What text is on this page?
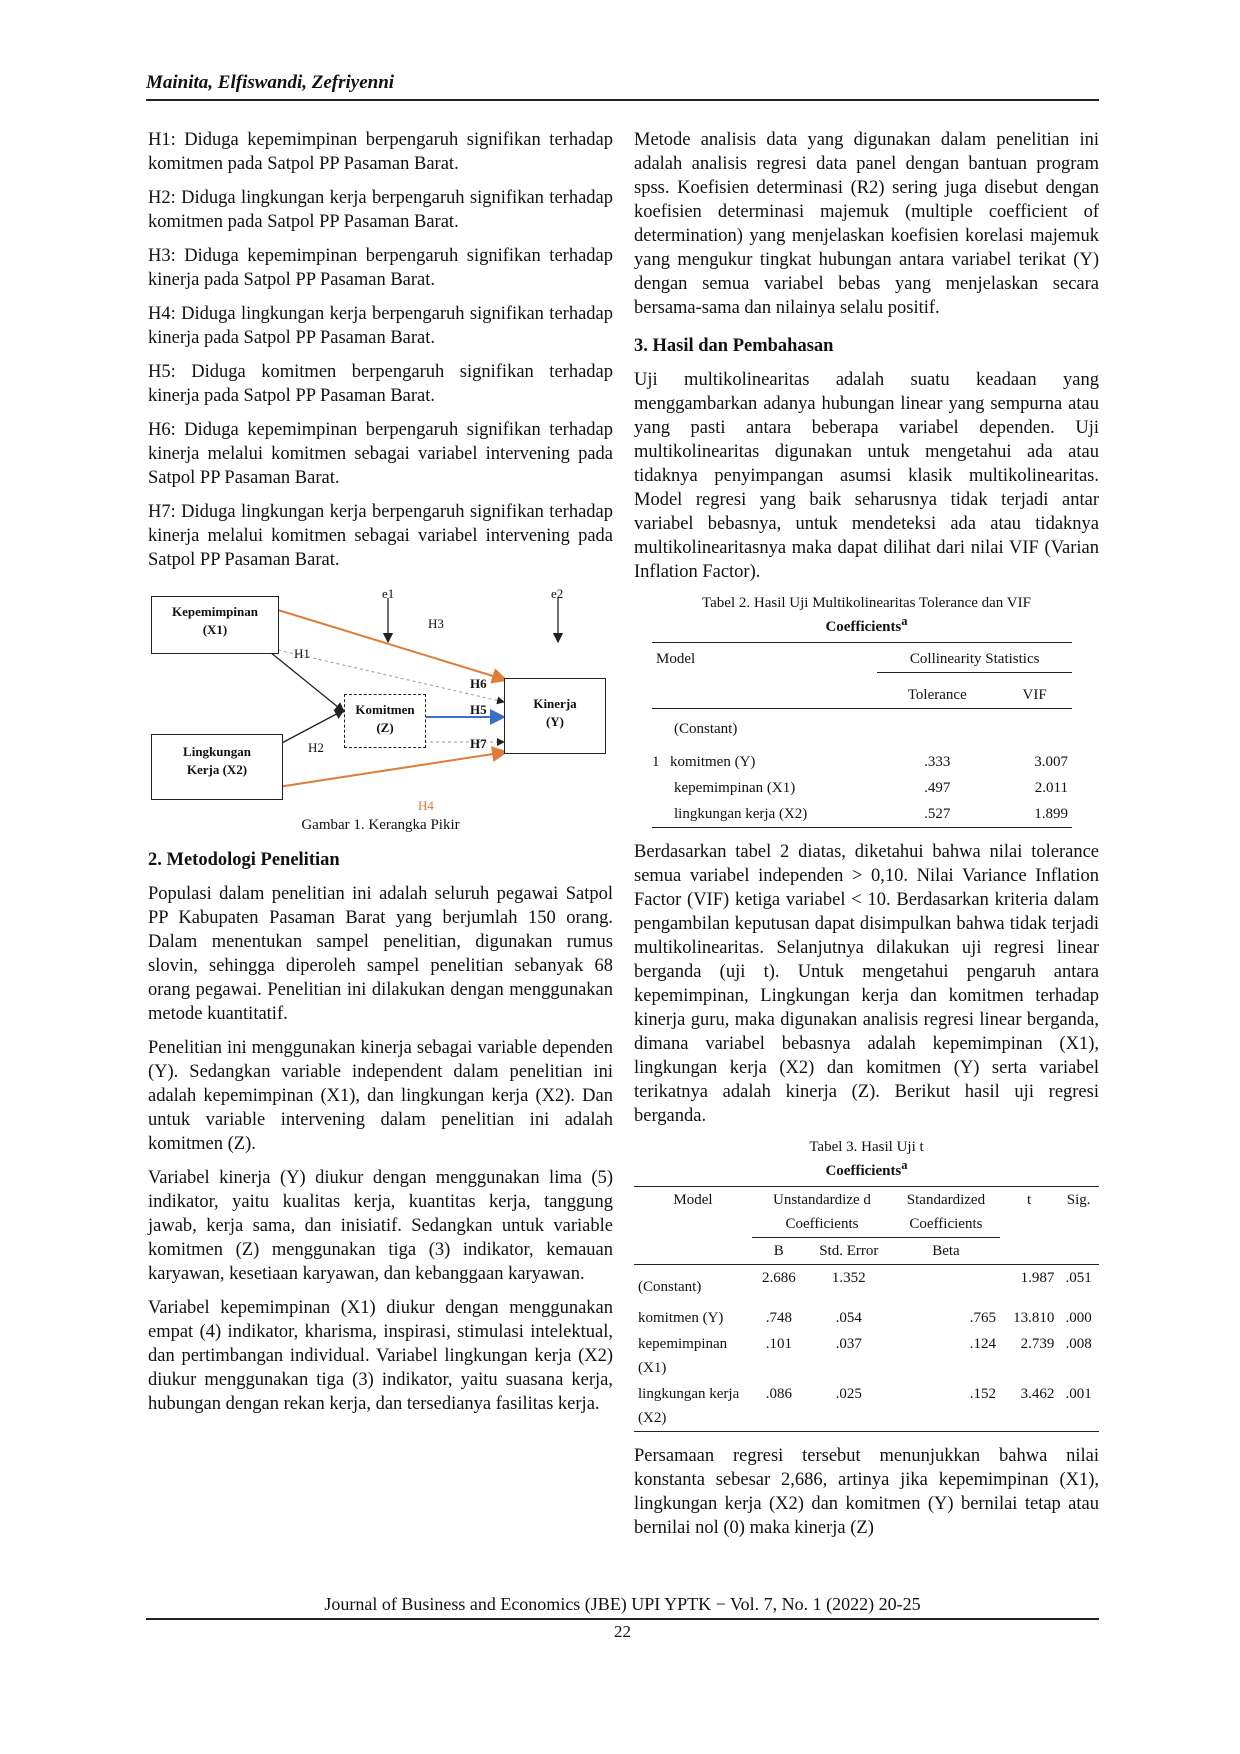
Mainita, Elfiswandi, Zefriyenni

H1: Diduga kepemimpinan berpengaruh signifikan terhadap komitmen pada Satpol PP Pasaman Barat.

H2: Diduga lingkungan kerja berpengaruh signifikan terhadap komitmen pada Satpol PP Pasaman Barat.

H3: Diduga kepemimpinan berpengaruh signifikan terhadap kinerja pada Satpol PP Pasaman Barat.

H4: Diduga lingkungan kerja berpengaruh signifikan terhadap kinerja pada Satpol PP Pasaman Barat.

H5: Diduga komitmen berpengaruh signifikan terhadap kinerja pada Satpol PP Pasaman Barat.

H6: Diduga kepemimpinan berpengaruh signifikan terhadap kinerja melalui komitmen sebagai variabel intervening pada Satpol PP Pasaman Barat.

H7: Diduga lingkungan kerja berpengaruh signifikan terhadap kinerja melalui komitmen sebagai variabel intervening pada Satpol PP Pasaman Barat.

Kepemimpinan
(X1)
Lingkungan
Kerja (X2)
Komitmen
(Z)
Kinerja
(Y)
e1	e2
H1
H2
H3
H4
H5
H6
H7
Gambar 1. Kerangka Pikir
2. Metodologi Penelitian

Populasi dalam penelitian ini adalah seluruh pegawai Satpol PP Kabupaten Pasaman Barat yang berjumlah 150 orang. Dalam menentukan sampel penelitian, digunakan rumus slovin, sehingga diperoleh sampel penelitian sebanyak 68 orang pegawai. Penelitian ini dilakukan dengan menggunakan metode kuantitatif.

Penelitian ini menggunakan kinerja sebagai variable dependen (Y). Sedangkan variable independent dalam penelitian ini adalah kepemimpinan (X1), dan lingkungan kerja (X2). Dan untuk variable intervening dalam penelitian ini adalah komitmen (Z).

Variabel kinerja (Y) diukur dengan menggunakan lima (5) indikator, yaitu kualitas kerja, kuantitas kerja, tanggung jawab, kerja sama, dan inisiatif. Sedangkan untuk variable komitmen (Z) menggunakan tiga (3) indikator, kemauan karyawan, kesetiaan karyawan, dan kebanggaan karyawan.

Variabel kepemimpinan (X1) diukur dengan menggunakan empat (4) indikator, kharisma, inspirasi, stimulasi intelektual, dan pertimbangan individual. Variabel lingkungan kerja (X2) diukur menggunakan tiga (3) indikator, yaitu suasana kerja, hubungan dengan rekan kerja, dan tersedianya fasilitas kerja.

Metode analisis data yang digunakan dalam penelitian ini adalah analisis regresi data panel dengan bantuan program spss. Koefisien determinasi (R2) sering juga disebut dengan koefisien determinasi majemuk (multiple coefficient of determination) yang menjelaskan koefisien korelasi majemuk yang mengukur tingkat hubungan antara variabel terikat (Y) dengan semua variabel bebas yang menjelaskan secara bersama-sama dan nilainya selalu positif.

3. Hasil dan Pembahasan

Uji multikolinearitas adalah suatu keadaan yang menggambarkan adanya hubungan linear yang sempurna atau yang pasti antara beberapa variabel dependen. Uji multikolinearitas digunakan untuk mengetahui ada atau tidaknya penyimpangan asumsi klasik multikolinearitas. Model regresi yang baik seharusnya tidak terjadi antar variabel bebasnya, untuk mendeteksi ada atau tidaknya multikolinearitasnya maka dapat dilihat dari nilai VIF (Varian Inflation Factor).

Tabel 2. Hasil Uji Multikolinearitas Tolerance dan VIF
Coefficients$^a$
Model	Collinearity Statistics	
	Tolerance	VIF
(Constant)		
1 komitmen (Y)	.333	3.007
kepemimpinan (X1)	.497	2.011
lingkungan kerja (X2)	.527	1.899

Berdasarkan tabel 2 diatas, diketahui bahwa nilai tolerance semua variabel independen > 0,10. Nilai Variance Inflation Factor (VIF) ketiga variabel < 10. Berdasarkan kriteria dalam pengambilan keputusan dapat disimpulkan bahwa tidak terjadi multikolinearitas. Selanjutnya dilakukan uji regresi linear berganda (uji t). Untuk mengetahui pengaruh antara kepemimpinan, Lingkungan kerja dan komitmen terhadap kinerja guru, maka digunakan analisis regresi linear berganda, dimana variabel bebasnya adalah kepemimpinan (X1), lingkungan kerja (X2) dan komitmen (Y) serta variabel terikatnya adalah kinerja (Z). Berikut hasil uji regresi berganda.

Tabel 3. Hasil Uji t
Coefficients$^a$
Model	Unstandardize d Coefficients		Standardized Coefficients	t	Sig.
	B	Std. Error	Beta		
(Constant)	2.686	1.352		1.987	.051
komitmen (Y)	.748	.054	.765	13.810	.000
kepemimpinan (X1)	.101	.037	.124	2.739	.008
lingkungan kerja (X2)	.086	.025	.152	3.462	.001

Persamaan regresi tersebut menunjukkan bahwa nilai konstanta sebesar 2,686, artinya jika kepemimpinan (X1), lingkungan kerja (X2) dan komitmen (Y) bernilai tetap atau bernilai nol (0) maka kinerja (Z)

Journal of Business and Economics (JBE) UPI YPTK − Vol. 7, No. 1 (2022) 20-25
22
